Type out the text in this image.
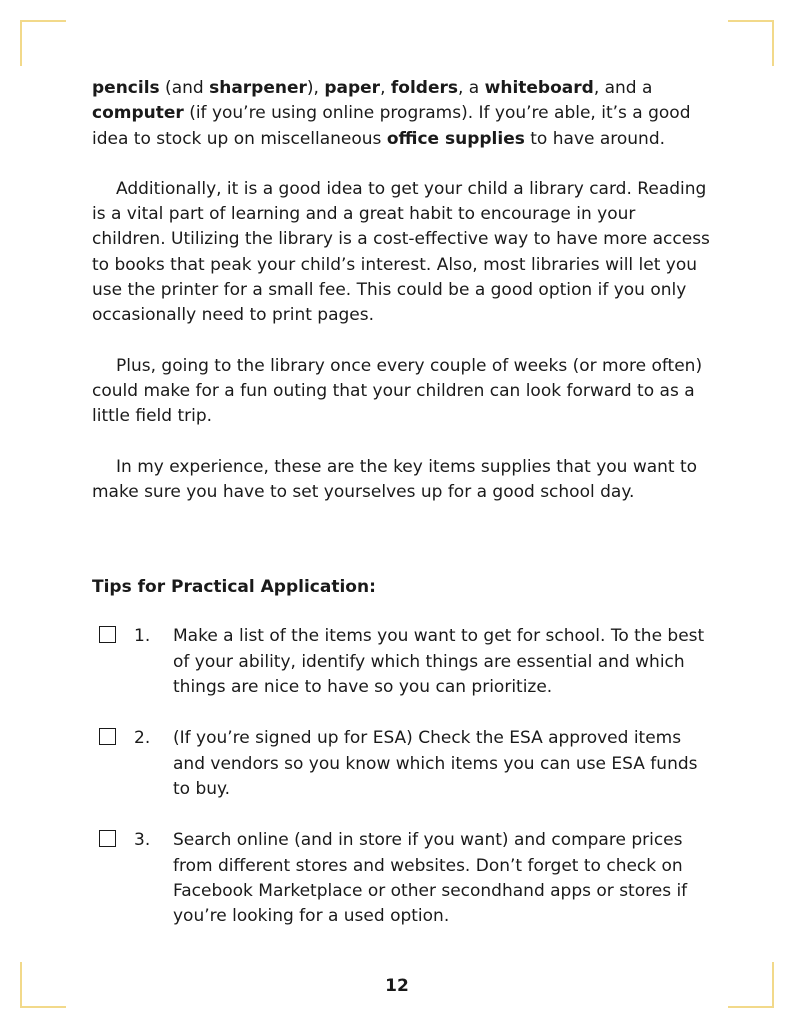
pencils (and sharpener), paper, folders, a whiteboard, and a computer (if you’re using online programs). If you’re able, it’s a good idea to stock up on miscellaneous office supplies to have around.

Additionally, it is a good idea to get your child a library card. Reading is a vital part of learning and a great habit to encourage in your children. Utilizing the library is a cost-effective way to have more access to books that peak your child’s interest. Also, most libraries will let you use the printer for a small fee. This could be a good option if you only occasionally need to print pages.

Plus, going to the library once every couple of weeks (or more often) could make for a fun outing that your children can look forward to as a little field trip.

In my experience, these are the key items supplies that you want to make sure you have to set yourselves up for a good school day.

Tips for Practical Application:
1. Make a list of the items you want to get for school. To the best of your ability, identify which things are essential and which things are nice to have so you can prioritize.
2. (If you’re signed up for ESA) Check the ESA approved items and vendors so you know which items you can use ESA funds to buy.
3. Search online (and in store if you want) and compare prices from different stores and websites. Don’t forget to check on Facebook Marketplace or other secondhand apps or stores if you’re looking for a used option.
12
